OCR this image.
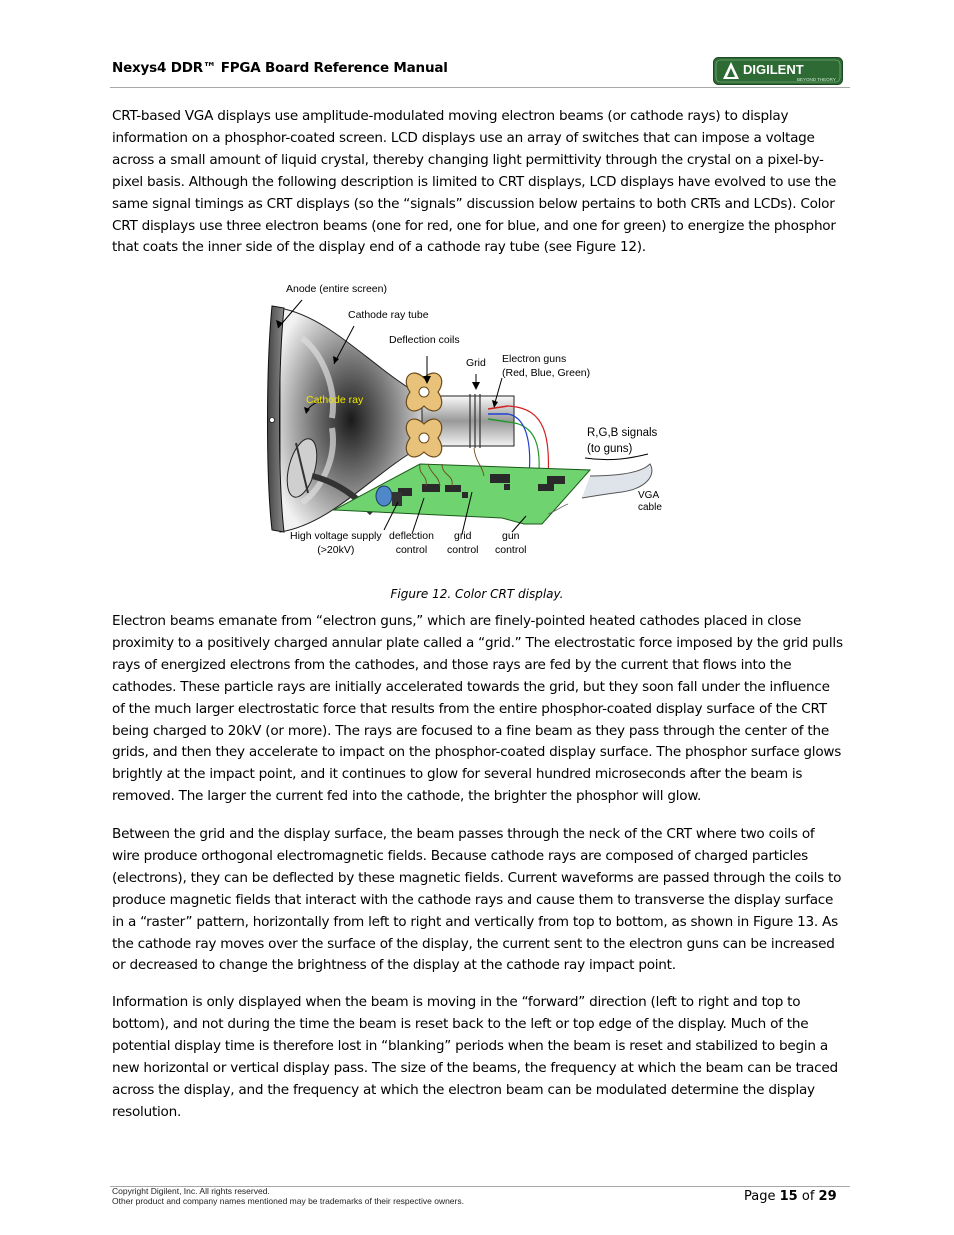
Nexys4 DDR™ FPGA Board Reference Manual	DIGILENT
BEYOND THEORY

CRT-based VGA displays use amplitude-modulated moving electron beams (or cathode rays) to display information on a phosphor-coated screen. LCD displays use an array of switches that can impose a voltage across a small amount of liquid crystal, thereby changing light permittivity through the crystal on a pixel-by-pixel basis. Although the following description is limited to CRT displays, LCD displays have evolved to use the same signal timings as CRT displays (so the “signals” discussion below pertains to both CRTs and LCDs). Color CRT displays use three electron beams (one for red, one for blue, and one for green) to energize the phosphor that coats the inner side of the display end of a cathode ray tube (see Figure 12).

Anode (entire screen)
Cathode ray tube
Deflection coils
Grid Electron guns
(Red, Blue, Green)
Cathode ray
R,G,B signals
(to guns)
VGA
cable
High voltage supply
(>20kV)
deflection
control
grid
control
gun
control
Figure 12. Color CRT display.

Electron beams emanate from “electron guns,” which are finely-pointed heated cathodes placed in close proximity to a positively charged annular plate called a “grid.” The electrostatic force imposed by the grid pulls rays of energized electrons from the cathodes, and those rays are fed by the current that flows into the cathodes. These particle rays are initially accelerated towards the grid, but they soon fall under the influence of the much larger electrostatic force that results from the entire phosphor-coated display surface of the CRT being charged to 20kV (or more). The rays are focused to a fine beam as they pass through the center of the grids, and then they accelerate to impact on the phosphor-coated display surface. The phosphor surface glows brightly at the impact point, and it continues to glow for several hundred microseconds after the beam is removed. The larger the current fed into the cathode, the brighter the phosphor will glow.

Between the grid and the display surface, the beam passes through the neck of the CRT where two coils of wire produce orthogonal electromagnetic fields. Because cathode rays are composed of charged particles (electrons), they can be deflected by these magnetic fields. Current waveforms are passed through the coils to produce magnetic fields that interact with the cathode rays and cause them to transverse the display surface in a “raster” pattern, horizontally from left to right and vertically from top to bottom, as shown in Figure 13. As the cathode ray moves over the surface of the display, the current sent to the electron guns can be increased or decreased to change the brightness of the display at the cathode ray impact point.

Information is only displayed when the beam is moving in the “forward” direction (left to right and top to bottom), and not during the time the beam is reset back to the left or top edge of the display. Much of the potential display time is therefore lost in “blanking” periods when the beam is reset and stabilized to begin a new horizontal or vertical display pass. The size of the beams, the frequency at which the beam can be traced across the display, and the frequency at which the electron beam can be modulated determine the display resolution.

Copyright Digilent, Inc. All rights reserved.
Other product and company names mentioned may be trademarks of their respective owners.	Page 15 of 29
